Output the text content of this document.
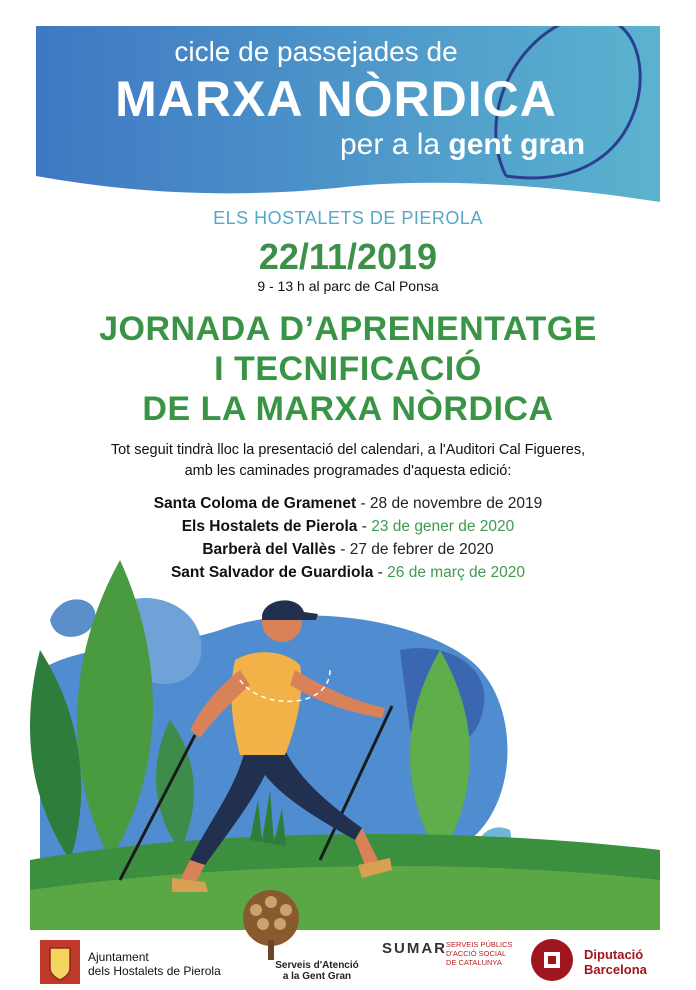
cicle de passejades de
MARXA NÒRDICA
per a la gent gran
ELS HOSTALETS DE PIEROLA
22/11/2019
9 - 13 h al parc de Cal Ponsa
JORNADA D’APRENENTATGE
I TECNIFICACIÓ
DE LA MARXA NÒRDICA
Tot seguit tindrà lloc la presentació del calendari, a l'Auditori Cal Figueres,
amb les caminades programades d'aquesta edició:
Santa Coloma de Gramenet - 28 de novembre de 2019
Els Hostalets de Pierola - 23 de gener de 2020
Barberà del Vallès - 27 de febrer de 2020
Sant Salvador de Guardiola - 26 de març de 2020
Ajuntament
dels Hostalets de Pierola	Serveis d'Atenció
a la Gent Gran
SUMAR SERVEIS PÚBLICS
D'ACCIÓ SOCIAL
DE CATALUNYA
Diputació
Barcelona
